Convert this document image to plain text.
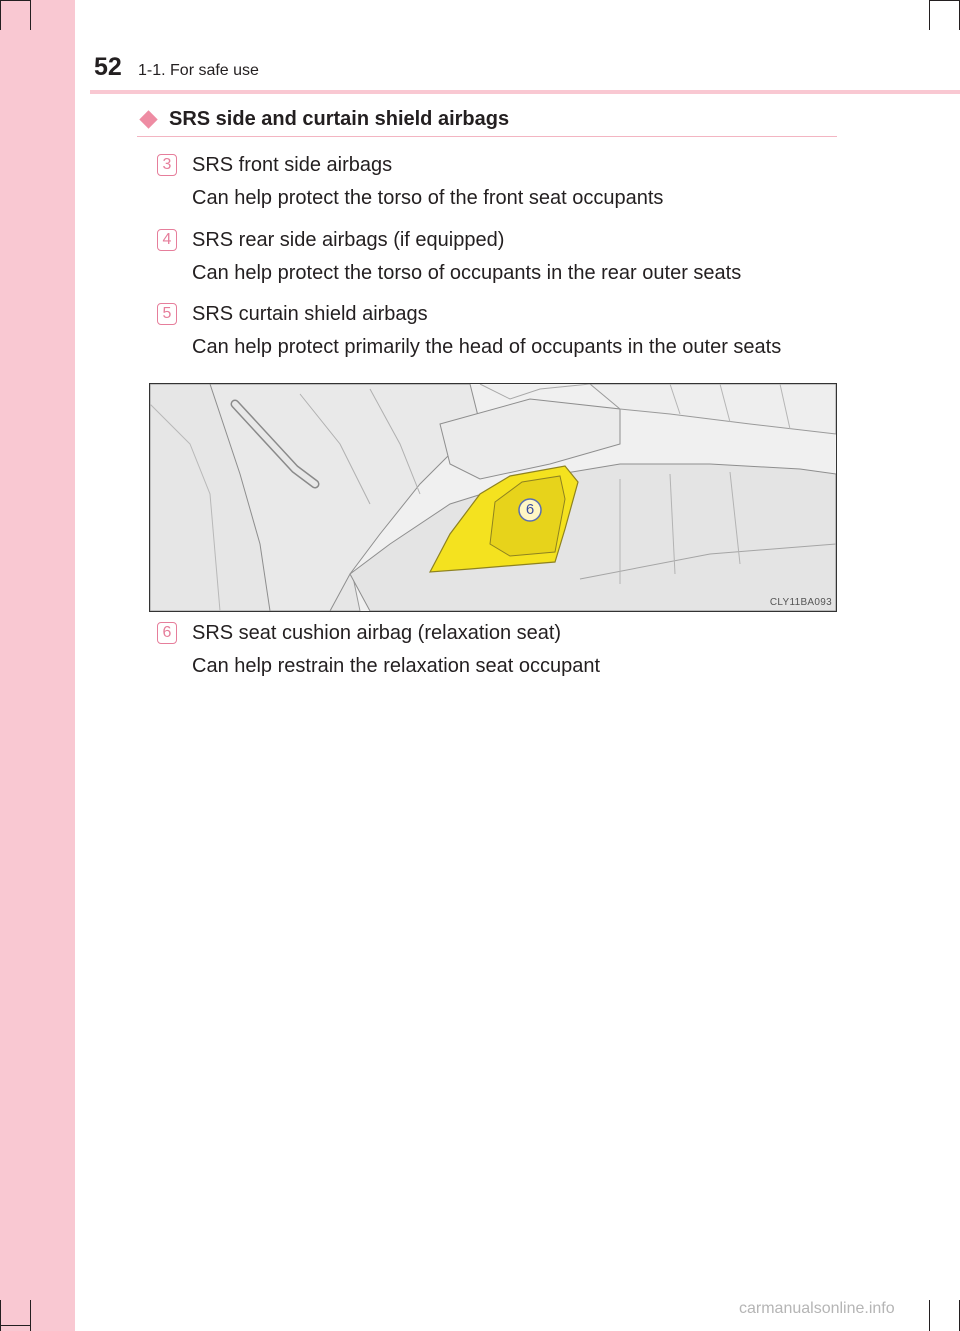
52 1-1. For safe use
SRS side and curtain shield airbags
3 SRS front side airbags
Can help protect the torso of the front seat occupants
4 SRS rear side airbags (if equipped)
Can help protect the torso of occupants in the rear outer seats
5 SRS curtain shield airbags
Can help protect primarily the head of occupants in the outer seats
6
CLY11BA093
6 SRS seat cushion airbag (relaxation seat)
Can help restrain the relaxation seat occupant
carmanualsonline.info
